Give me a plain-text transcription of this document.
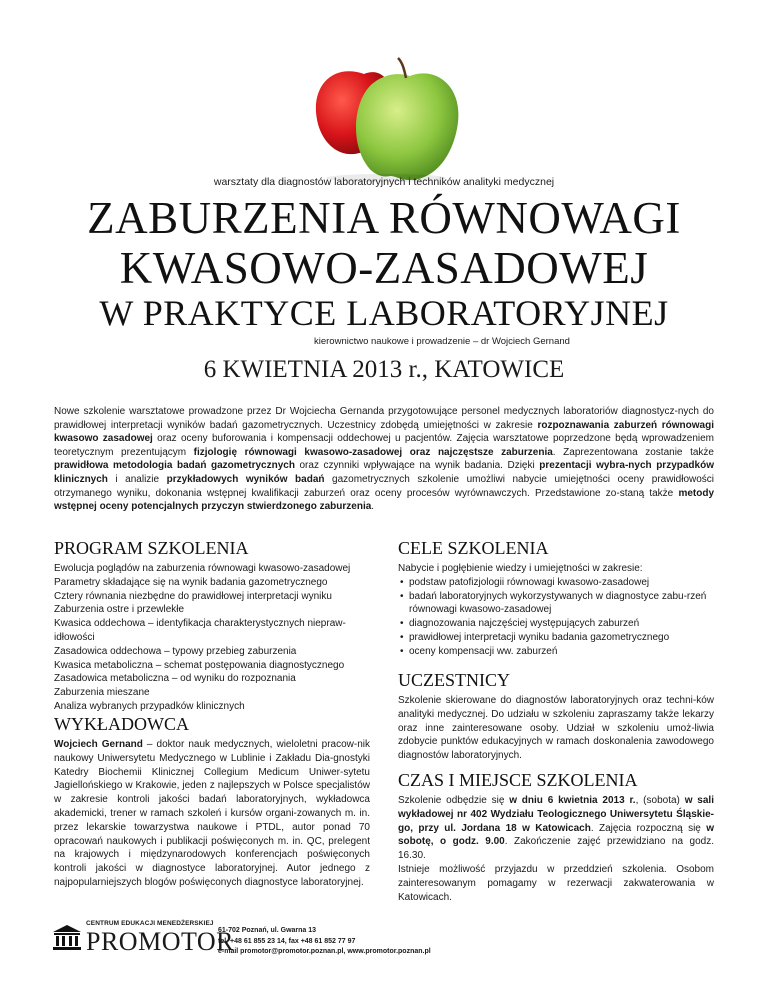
warsztaty dla diagnostów laboratoryjnych i techników analityki medycznej
ZABURZENIA RÓWNOWAGI
KWASOWO-ZASADOWEJ
W PRAKTYCE LABORATORYJNEJ
kierownictwo naukowe i prowadzenie – dr Wojciech Gernand
6 KWIETNIA 2013 r., KATOWICE
Nowe szkolenie warsztatowe prowadzone przez Dr Wojciecha Gernanda przygotowujące personel medycznych laboratoriów diagnostycz-nych do prawidłowej interpretacji wyników badań gazometrycznych. Uczestnicy zdobędą umiejętności w zakresie rozpoznawania zaburzeń równowagi kwasowo zasadowej oraz oceny buforowania i kompensacji oddechowej u pacjentów. Zajęcia warsztatowe poprzedzone będą wprowadzeniem teoretycznym prezentującym fizjologię równowagi kwasowo-zasadowej oraz najczęstsze zaburzenia. Zaprezentowana zostanie także prawidłowa metodologia badań gazometrycznych oraz czynniki wpływające na wynik badania. Dzięki prezentacji wybra-nych przypadków klinicznych i analizie przykładowych wyników badań gazometrycznych szkolenie umożliwi nabycie umiejętności oceny prawidłowości otrzymanego wyniku, dokonania wstępnej kwalifikacji zaburzeń oraz oceny procesów wyrównawczych. Przedstawione zo-staną także metody wstępnej oceny potencjalnych przyczyn stwierdzonego zaburzenia.
PROGRAM SZKOLENIA

Ewolucja poglądów na zaburzenia równowagi kwasowo-zasadowej

Parametry składające się na wynik badania gazometrycznego

Cztery równania niezbędne do prawidłowej interpretacji wyniku

Zaburzenia ostre i przewlekłe

Kwasica oddechowa – identyfikacja charakterystycznych niepraw-idłowości

Zasadowica oddechowa – typowy przebieg zaburzenia

Kwasica metaboliczna – schemat postępowania diagnostycznego

Zasadowica metaboliczna – od wyniku do rozpoznania

Zaburzenia mieszane

Analiza wybranych przypadków klinicznych

WYKŁADOWCA
Wojciech Gernand – doktor nauk medycznych, wieloletni pracow-nik naukowy Uniwersytetu Medycznego w Lublinie i Zakładu Dia-gnostyki Katedry Biochemii Klinicznej Collegium Medicum Uniwer-sytetu Jagiellońskiego w Krakowie, jeden z najlepszych w Polsce specjalistów w zakresie kontroli jakości badań laboratoryjnych, wykładowca akademicki, trener w ramach szkoleń i kursów organi-zowanych m. in. przez lekarskie towarzystwa naukowe i PTDL, autor ponad 70 opracowań naukowych i publikacji poświęconych m. in. QC, prelegent na krajowych i międzynarodowych konferencjach poświęconych kontroli jakości w diagnostyce laboratoryjnej. Autor jednego z najpopularniejszych blogów poświęconych diagnostyce laboratoryjnej.
CELE SZKOLENIA

Nabycie i pogłębienie wiedzy i umiejętności w zakresie:

• podstaw patofizjologii równowagi kwasowo-zasadowej
• badań laboratoryjnych wykorzystywanych w diagnostyce zabu-rzeń równowagi kwasowo-zasadowej
• diagnozowania najczęściej występujących zaburzeń
• prawidłowej interpretacji wyniku badania gazometrycznego
• oceny kompensacji ww. zaburzeń
UCZESTNICY
Szkolenie skierowane do diagnostów laboratoryjnych oraz techni-ków analityki medycznej. Do udziału w szkoleniu zapraszamy także lekarzy oraz inne zainteresowane osoby. Udział w szkoleniu umoż-liwia zdobycie punktów edukacyjnych w ramach doskonalenia zawodowego diagnostów laboratoryjnych.
CZAS I MIEJSCE SZKOLENIA

Szkolenie odbędzie się w dniu 6 kwietnia 2013 r., (sobota) w sali wykładowej nr 402 Wydziału Teologicznego Uniwersytetu Śląskie-go, przy ul. Jordana 18 w Katowicach. Zajęcia rozpoczną się w sobotę, o godz. 9.00. Zakończenie zajęć przewidziano na godz. 16.30.

Istnieje możliwość przyjazdu w przeddzień szkolenia. Osobom zainteresowanym pomagamy w rezerwacji zakwaterowania w Katowicach.

CENTRUM EDUKACJI MENEDŻERSKIEJ
PROMOTOR
61-702 Poznań, ul. Gwarna 13
tel. +48 61 855 23 14, fax +48 61 852 77 97
e-mail promotor@promotor.poznan.pl, www.promotor.poznan.pl
